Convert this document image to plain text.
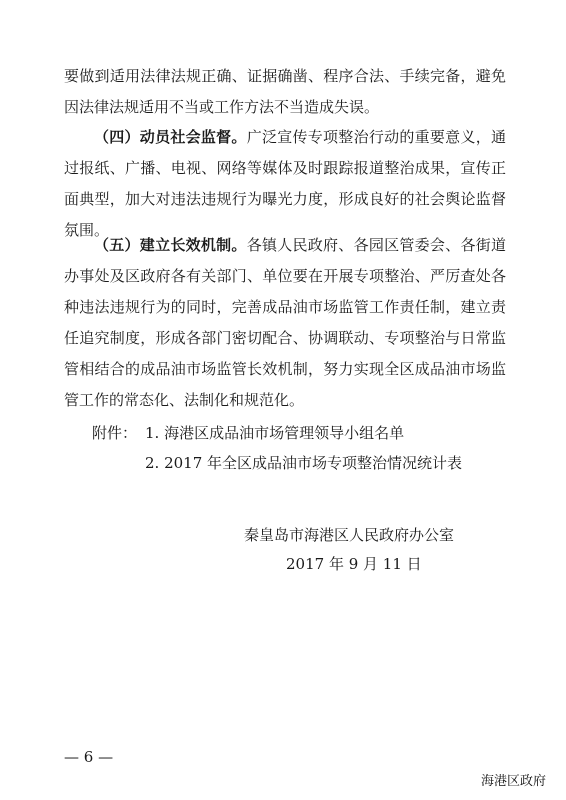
要做到适用法律法规正确、证据确凿、程序合法、手续完备，避免因法律法规适用不当或工作方法不当造成失误。
（四）动员社会监督。广泛宣传专项整治行动的重要意义，通过报纸、广播、电视、网络等媒体及时跟踪报道整治成果，宣传正面典型，加大对违法违规行为曝光力度，形成良好的社会舆论监督氛围。
（五）建立长效机制。各镇人民政府、各园区管委会、各街道办事处及区政府各有关部门、单位要在开展专项整治、严厉查处各种违法违规行为的同时，完善成品油市场监管工作责任制，建立责任追究制度，形成各部门密切配合、协调联动、专项整治与日常监管相结合的成品油市场监管长效机制，努力实现全区成品油市场监管工作的常态化、法制化和规范化。
附件： 1. 海港区成品油市场管理领导小组名单
2. 2017 年全区成品油市场专项整治情况统计表
秦皇岛市海港区人民政府办公室
2017 年 9 月 11 日
— 6 —
海港区政府
